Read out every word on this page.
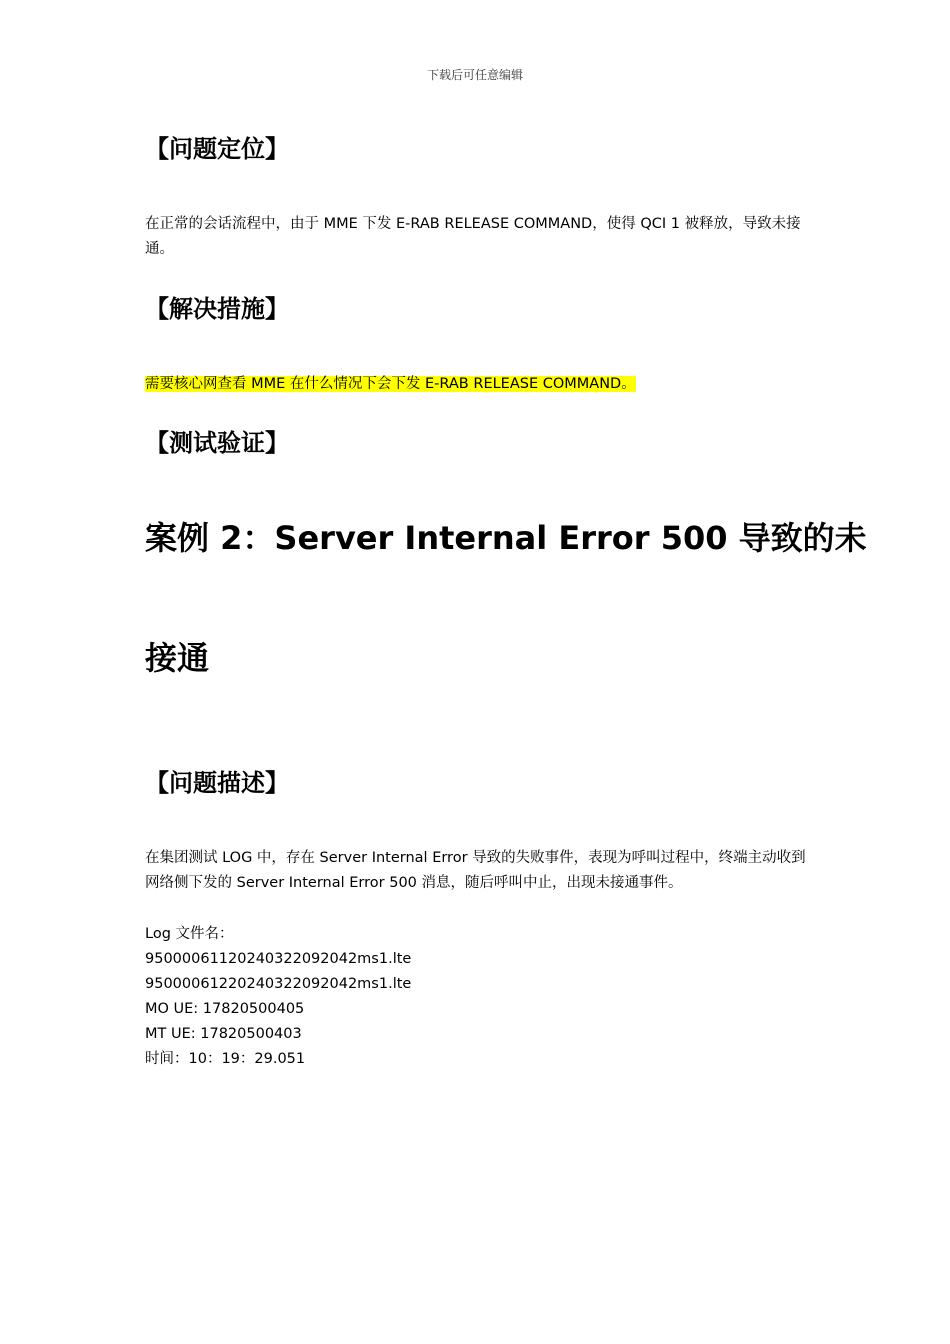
下载后可任意编辑
【问题定位】
在正常的会话流程中，由于 MME 下发 E-RAB RELEASE COMMAND，使得 QCI 1 被释放，导致未接通。
【解决措施】
需要核心网查看 MME 在什么情况下会下发 E-RAB RELEASE COMMAND。
【测试验证】
案例 2：Server Internal Error 500 导致的未
接通
【问题描述】
在集团测试 LOG 中，存在 Server Internal Error 导致的失败事件，表现为呼叫过程中，终端主动收到网络侧下发的 Server Internal Error 500 消息，随后呼叫中止，出现未接通事件。
Log 文件名：
95000061120240322092042ms1.lte
95000061220240322092042ms1.lte
MO UE: 17820500405
MT UE: 17820500403
时间：10：19：29.051
